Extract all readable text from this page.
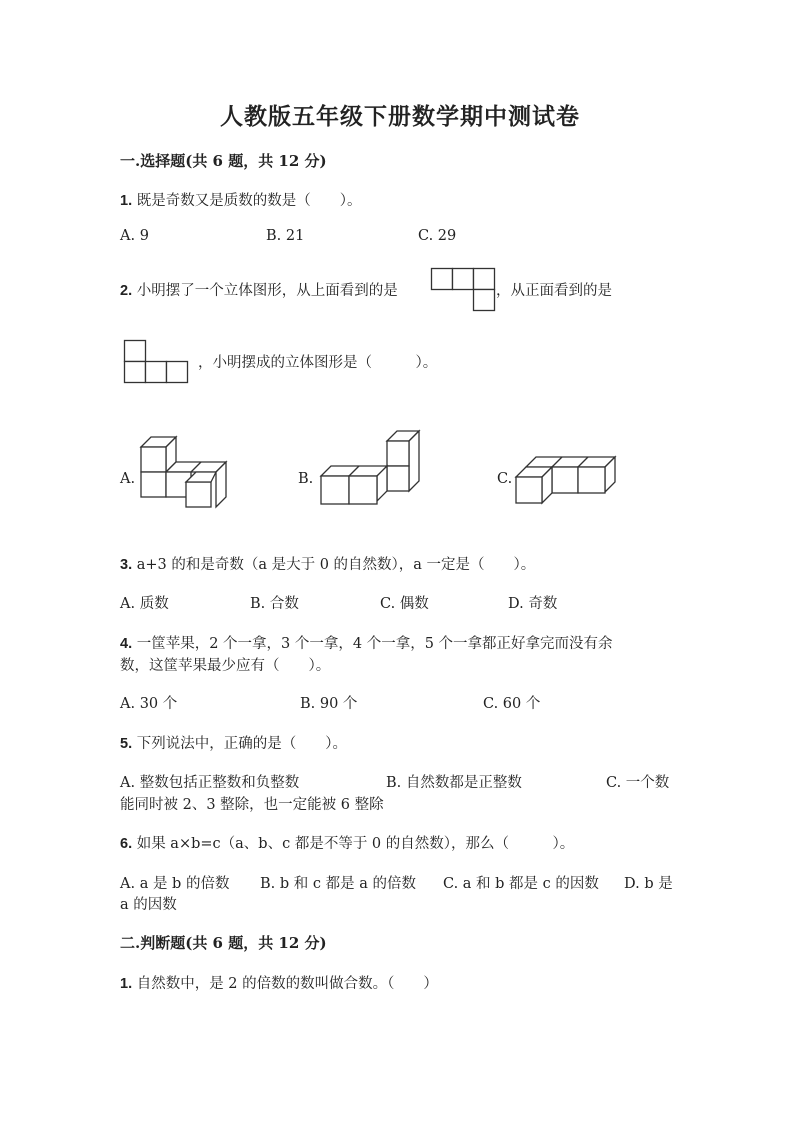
人教版五年级下册数学期中测试卷
一.选择题(共 6 题，共 12 分)
1. 既是奇数又是质数的数是（　　）。
A. 9	B. 21	C. 29
2. 小明摆了一个立体图形，从上面看到的是	，从正面看到的是
，小明摆成的立体图形是（　　　）。
A.	B.	C.
3. a+3 的和是奇数（a 是大于 0 的自然数），a 一定是（　　）。
A. 质数	B. 合数	C. 偶数	D. 奇数
4. 一筐苹果，2 个一拿，3 个一拿，4 个一拿，5 个一拿都正好拿完而没有余
数，这筐苹果最少应有（　　）。
A. 30 个	B. 90 个	C. 60 个
5. 下列说法中，正确的是（　　）。
A. 整数包括正整数和负整数	B. 自然数都是正整数	C. 一个数
能同时被 2、3 整除，也一定能被 6 整除
6. 如果 a×b=c（a、b、c 都是不等于 0 的自然数），那么（　　　）。
A. a 是 b 的倍数 B. b 和 c 都是 a 的倍数 C. a 和 b 都是 c 的因数 D. b 是
a 的因数
二.判断题(共 6 题，共 12 分)
1. 自然数中，是 2 的倍数的数叫做合数。（　　）
